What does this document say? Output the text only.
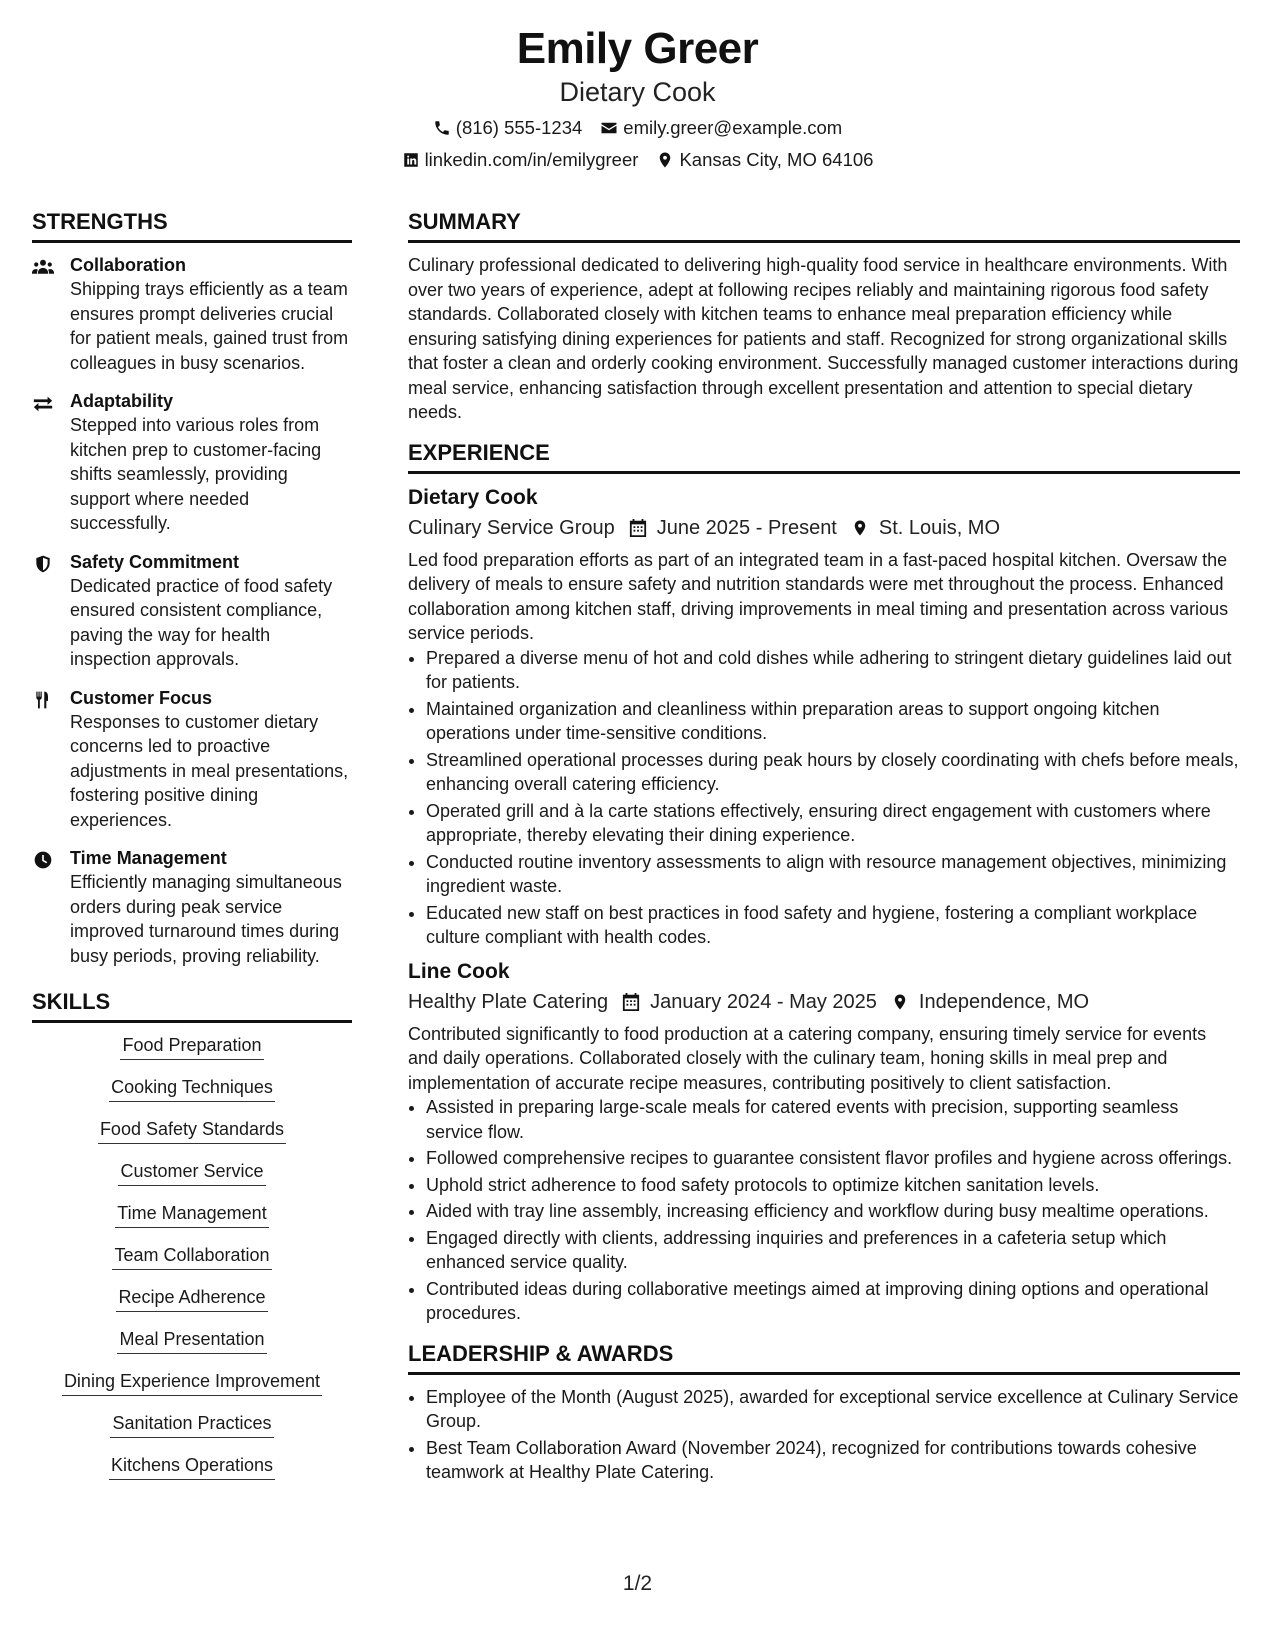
Emily Greer
Dietary Cook
(816) 555-1234 emily.greer@example.com
linkedin.com/in/emilygreer Kansas City, MO 64106
STRENGTHS
Collaboration
Shipping trays efficiently as a team ensures prompt deliveries crucial for patient meals, gained trust from colleagues in busy scenarios.
Adaptability
Stepped into various roles from kitchen prep to customer-facing shifts seamlessly, providing support where needed successfully.
Safety Commitment
Dedicated practice of food safety ensured consistent compliance, paving the way for health inspection approvals.
Customer Focus
Responses to customer dietary concerns led to proactive adjustments in meal presentations, fostering positive dining experiences.
Time Management
Efficiently managing simultaneous orders during peak service improved turnaround times during busy periods, proving reliability.
SKILLS
Food Preparation
Cooking Techniques
Food Safety Standards
Customer Service
Time Management
Team Collaboration
Recipe Adherence
Meal Presentation
Dining Experience Improvement
Sanitation Practices
Kitchens Operations
SUMMARY
Culinary professional dedicated to delivering high-quality food service in healthcare environments. With over two years of experience, adept at following recipes reliably and maintaining rigorous food safety standards. Collaborated closely with kitchen teams to enhance meal preparation efficiency while ensuring satisfying dining experiences for patients and staff. Recognized for strong organizational skills that foster a clean and orderly cooking environment. Successfully managed customer interactions during meal service, enhancing satisfaction through excellent presentation and attention to special dietary needs.
EXPERIENCE
Dietary Cook
Culinary Service Group June 2025 - Present St. Louis, MO
Led food preparation efforts as part of an integrated team in a fast-paced hospital kitchen. Oversaw the delivery of meals to ensure safety and nutrition standards were met throughout the process. Enhanced collaboration among kitchen staff, driving improvements in meal timing and presentation across various service periods.
• Prepared a diverse menu of hot and cold dishes while adhering to stringent dietary guidelines laid out for patients.
• Maintained organization and cleanliness within preparation areas to support ongoing kitchen operations under time-sensitive conditions.
• Streamlined operational processes during peak hours by closely coordinating with chefs before meals, enhancing overall catering efficiency.
• Operated grill and à la carte stations effectively, ensuring direct engagement with customers where appropriate, thereby elevating their dining experience.
• Conducted routine inventory assessments to align with resource management objectives, minimizing ingredient waste.
• Educated new staff on best practices in food safety and hygiene, fostering a compliant workplace culture compliant with health codes.
Line Cook
Healthy Plate Catering January 2024 - May 2025 Independence, MO
Contributed significantly to food production at a catering company, ensuring timely service for events and daily operations. Collaborated closely with the culinary team, honing skills in meal prep and implementation of accurate recipe measures, contributing positively to client satisfaction.
• Assisted in preparing large-scale meals for catered events with precision, supporting seamless service flow.
• Followed comprehensive recipes to guarantee consistent flavor profiles and hygiene across offerings.
• Uphold strict adherence to food safety protocols to optimize kitchen sanitation levels.
• Aided with tray line assembly, increasing efficiency and workflow during busy mealtime operations.
• Engaged directly with clients, addressing inquiries and preferences in a cafeteria setup which enhanced service quality.
• Contributed ideas during collaborative meetings aimed at improving dining options and operational procedures.
LEADERSHIP & AWARDS
• Employee of the Month (August 2025), awarded for exceptional service excellence at Culinary Service Group.
• Best Team Collaboration Award (November 2024), recognized for contributions towards cohesive teamwork at Healthy Plate Catering.
1/2
